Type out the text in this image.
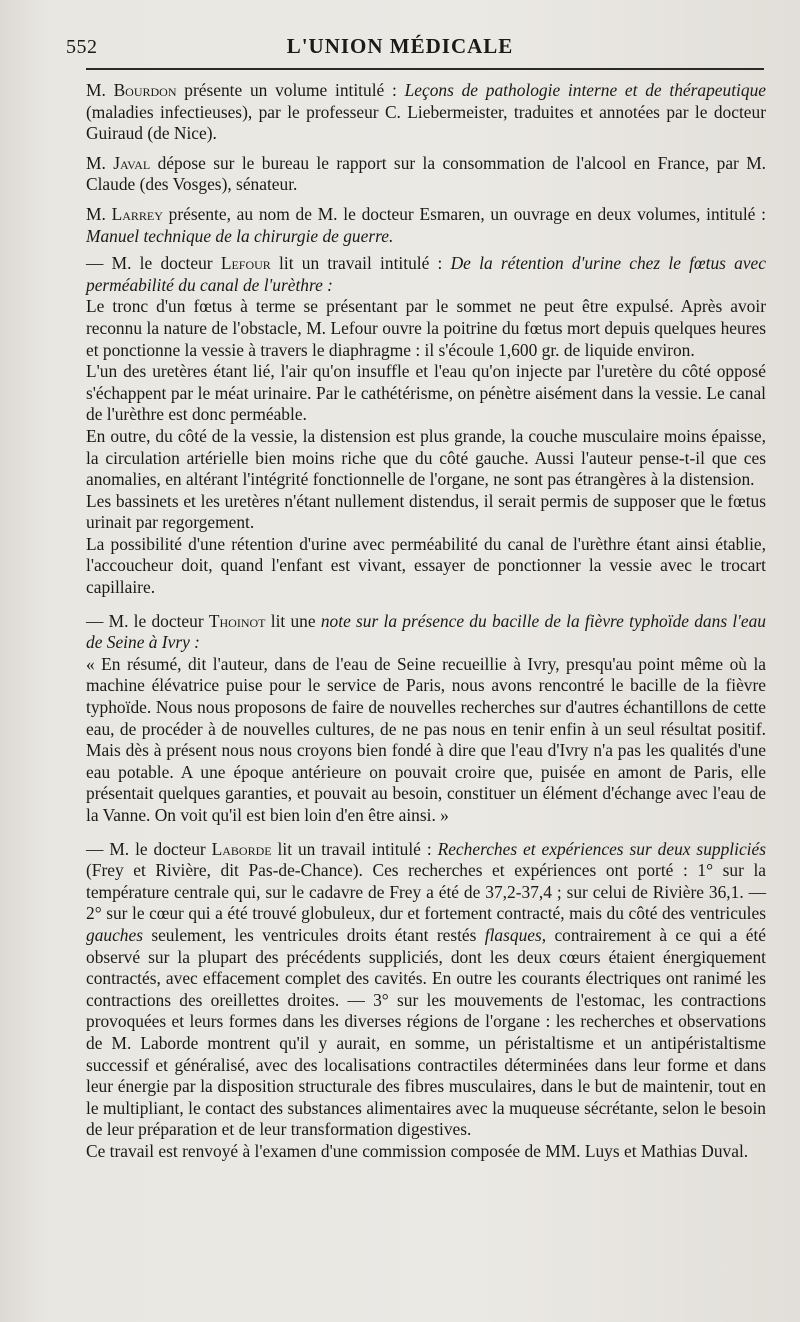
552	L'UNION MÉDICALE

M. Bourdon présente un volume intitulé : Leçons de pathologie interne et de thérapeutique (maladies infectieuses), par le professeur C. Liebermeister, traduites et annotées par le docteur Guiraud (de Nice).

M. Javal dépose sur le bureau le rapport sur la consommation de l'alcool en France, par M. Claude (des Vosges), sénateur.

M. Larrey présente, au nom de M. le docteur Esmaren, un ouvrage en deux volumes, intitulé : Manuel technique de la chirurgie de guerre.

— M. le docteur Lefour lit un travail intitulé : De la rétention d'urine chez le fœtus avec perméabilité du canal de l'urèthre :

Le tronc d'un fœtus à terme se présentant par le sommet ne peut être expulsé. Après avoir reconnu la nature de l'obstacle, M. Lefour ouvre la poitrine du fœtus mort depuis quelques heures et ponctionne la vessie à travers le diaphragme : il s'écoule 1,600 gr. de liquide environ.

L'un des uretères étant lié, l'air qu'on insuffle et l'eau qu'on injecte par l'uretère du côté opposé s'échappent par le méat urinaire. Par le cathétérisme, on pénètre aisément dans la vessie. Le canal de l'urèthre est donc perméable.

En outre, du côté de la vessie, la distension est plus grande, la couche musculaire moins épaisse, la circulation artérielle bien moins riche que du côté gauche. Aussi l'auteur pense-t-il que ces anomalies, en altérant l'intégrité fonctionnelle de l'organe, ne sont pas étrangères à la distension.

Les bassinets et les uretères n'étant nullement distendus, il serait permis de supposer que le fœtus urinait par regorgement.

La possibilité d'une rétention d'urine avec perméabilité du canal de l'urèthre étant ainsi établie, l'accoucheur doit, quand l'enfant est vivant, essayer de ponctionner la vessie avec le trocart capillaire.

— M. le docteur Thoinot lit une note sur la présence du bacille de la fièvre typhoïde dans l'eau de Seine à Ivry :

« En résumé, dit l'auteur, dans de l'eau de Seine recueillie à Ivry, presqu'au point même où la machine élévatrice puise pour le service de Paris, nous avons rencontré le bacille de la fièvre typhoïde. Nous nous proposons de faire de nouvelles recherches sur d'autres échantillons de cette eau, de procéder à de nouvelles cultures, de ne pas nous en tenir enfin à un seul résultat positif. Mais dès à présent nous nous croyons bien fondé à dire que l'eau d'Ivry n'a pas les qualités d'une eau potable. A une époque antérieure on pouvait croire que, puisée en amont de Paris, elle présentait quelques garanties, et pouvait au besoin, constituer un élément d'échange avec l'eau de la Vanne. On voit qu'il est bien loin d'en être ainsi. »

— M. le docteur Laborde lit un travail intitulé : Recherches et expériences sur deux suppliciés (Frey et Rivière, dit Pas-de-Chance). Ces recherches et expériences ont porté : 1° sur la température centrale qui, sur le cadavre de Frey a été de 37,2-37,4 ; sur celui de Rivière 36,1. — 2° sur le cœur qui a été trouvé globuleux, dur et fortement contracté, mais du côté des ventricules gauches seulement, les ventricules droits étant restés flasques, contrairement à ce qui a été observé sur la plupart des précédents suppliciés, dont les deux cœurs étaient énergiquement contractés, avec effacement complet des cavités. En outre les courants électriques ont ranimé les contractions des oreillettes droites. — 3° sur les mouvements de l'estomac, les contractions provoquées et leurs formes dans les diverses régions de l'organe : les recherches et observations de M. Laborde montrent qu'il y aurait, en somme, un péristaltisme et un antipéristaltisme successif et généralisé, avec des localisations contractiles déterminées dans leur forme et dans leur énergie par la disposition structurale des fibres musculaires, dans le but de maintenir, tout en le multipliant, le contact des substances alimentaires avec la muqueuse sécrétante, selon le besoin de leur préparation et de leur transformation digestives.

Ce travail est renvoyé à l'examen d'une commission composée de MM. Luys et Mathias Duval.
